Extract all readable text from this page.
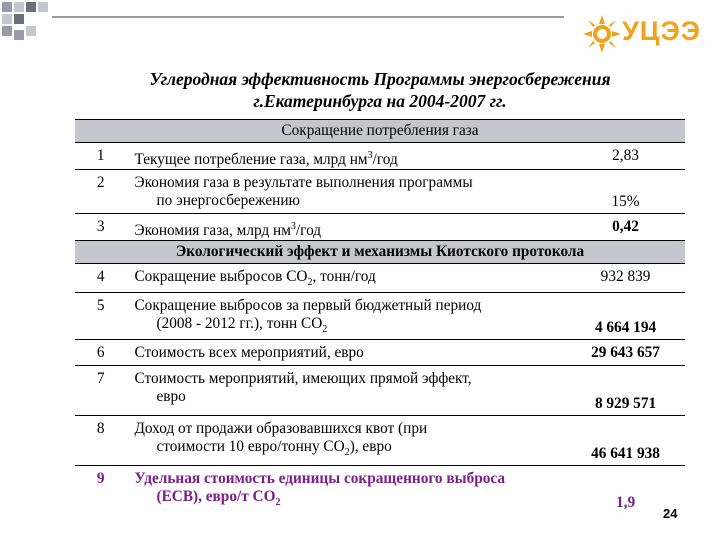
УЦЭЭ
Углеродная эффективность Программы энергосбережения
г.Екатеринбурга на 2004-2007 гг.
Сокращение потребления газа		
1	Текущее потребление газа, млрд $нм^3$/год	2,83
2	Экономия газа в результате выполнения программы
по энергосбережению	15%
3	Экономия газа, млрд $нм^3$/год	0,42
Экологический эффект и механизмы Киотского протокола		
4	Сокращение выбросов $СО_2$, тонн/год	932 839
5	Сокращение выбросов за первый бюджетный период
(2008 - 2012 гг.), тонн $СО_2$	4 664 194
6	Стоимость всех мероприятий, евро	29 643 657
7	Стоимость мероприятий, имеющих прямой эффект,
евро	8 929 571
8	Доход от продажи образовавшихся квот (при
стоимости 10 евро/тонну $СО_2$), евро	46 641 938
9	Удельная стоимость единицы сокращенного выброса
(ЕСВ), евро/т $СО_2$	1,9
24
